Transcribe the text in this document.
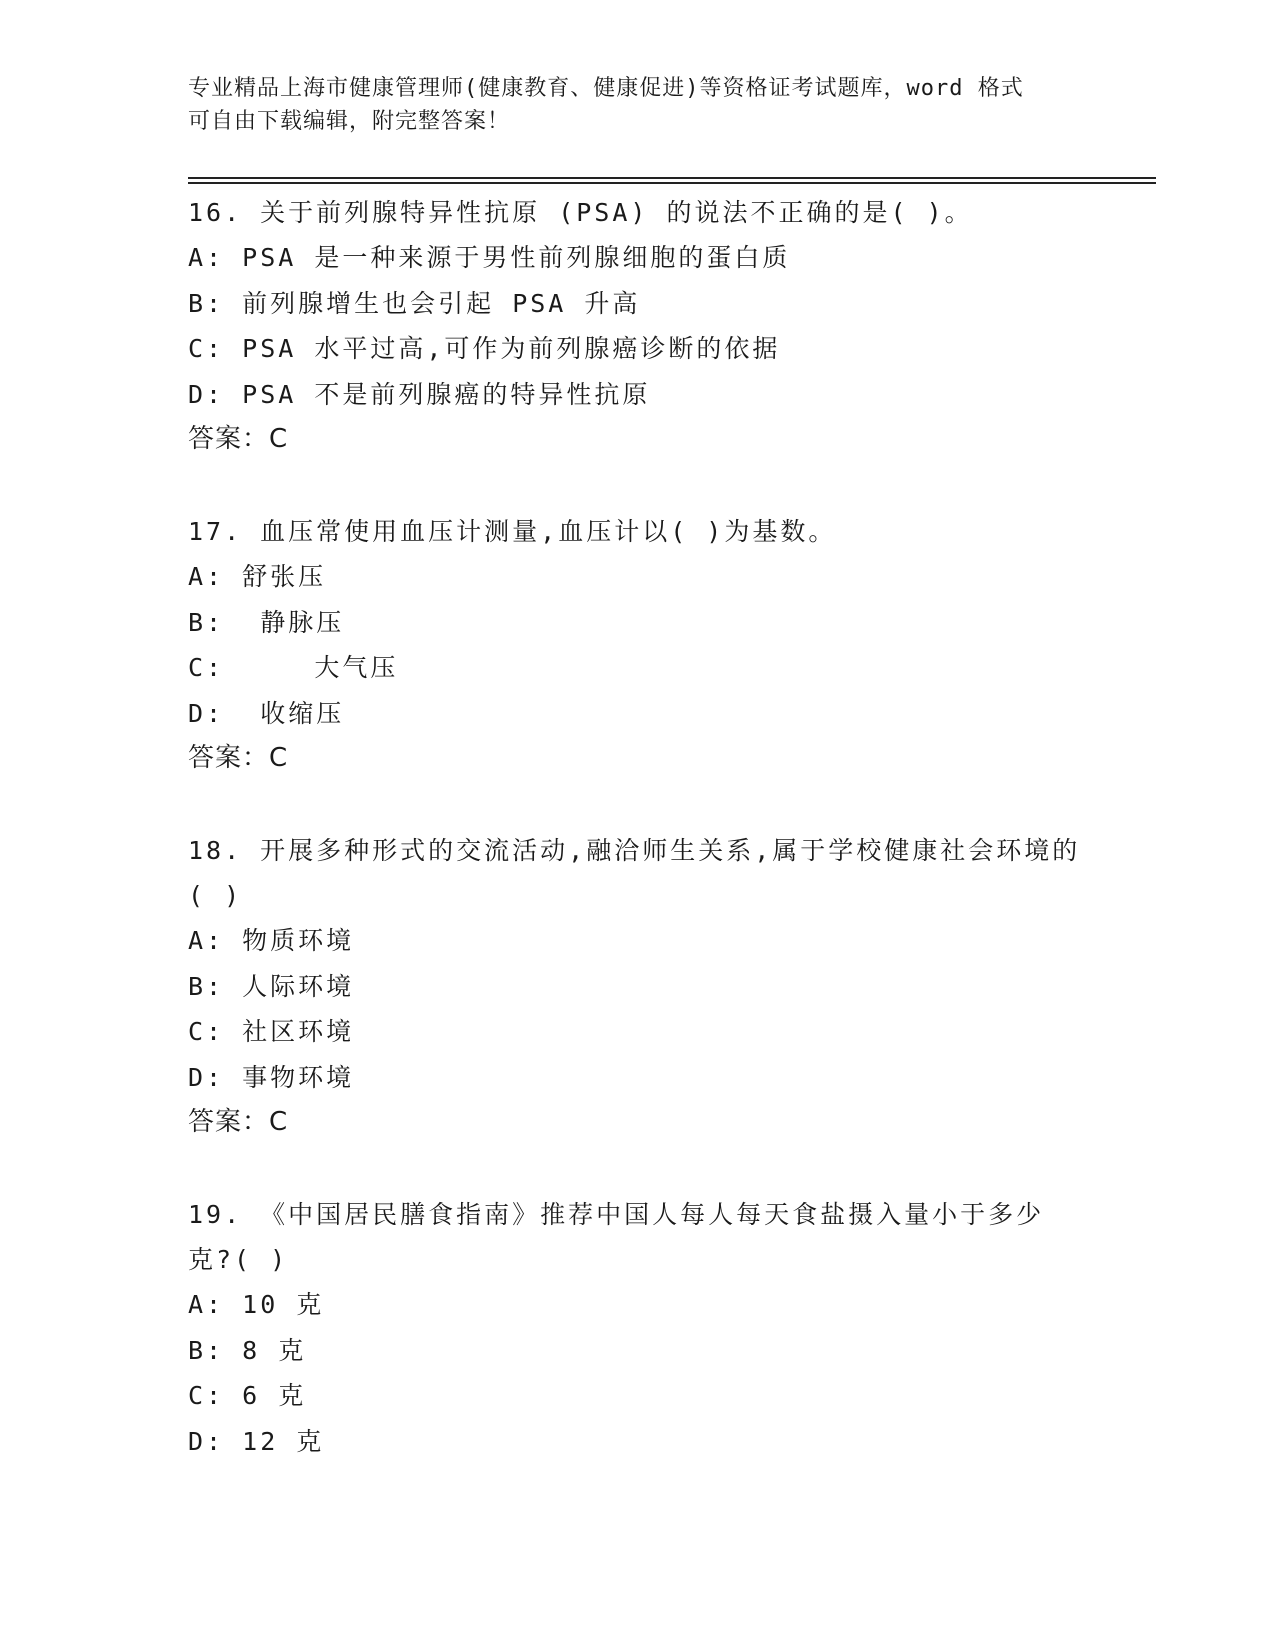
专业精品上海市健康管理师(健康教育、健康促进)等资格证考试题库，word 格式
可自由下载编辑，附完整答案！

16. 关于前列腺特异性抗原 (PSA) 的说法不正确的是( )。

A: PSA 是一种来源于男性前列腺细胞的蛋白质
B: 前列腺增生也会引起 PSA 升高
C: PSA 水平过高,可作为前列腺癌诊断的依据
D: PSA 不是前列腺癌的特异性抗原
答案：C

17. 血压常使用血压计测量,血压计以( )为基数。

A: 舒张压
B:  静脉压
C:     大气压
D:  收缩压
答案：C

18. 开展多种形式的交流活动,融洽师生关系,属于学校健康社会环境的( )

A: 物质环境
B: 人际环境
C: 社区环境
D: 事物环境
答案：C

19. 《中国居民膳食指南》推荐中国人每人每天食盐摄入量小于多少克?( )

A: 10 克
B: 8 克
C: 6 克
D: 12 克
